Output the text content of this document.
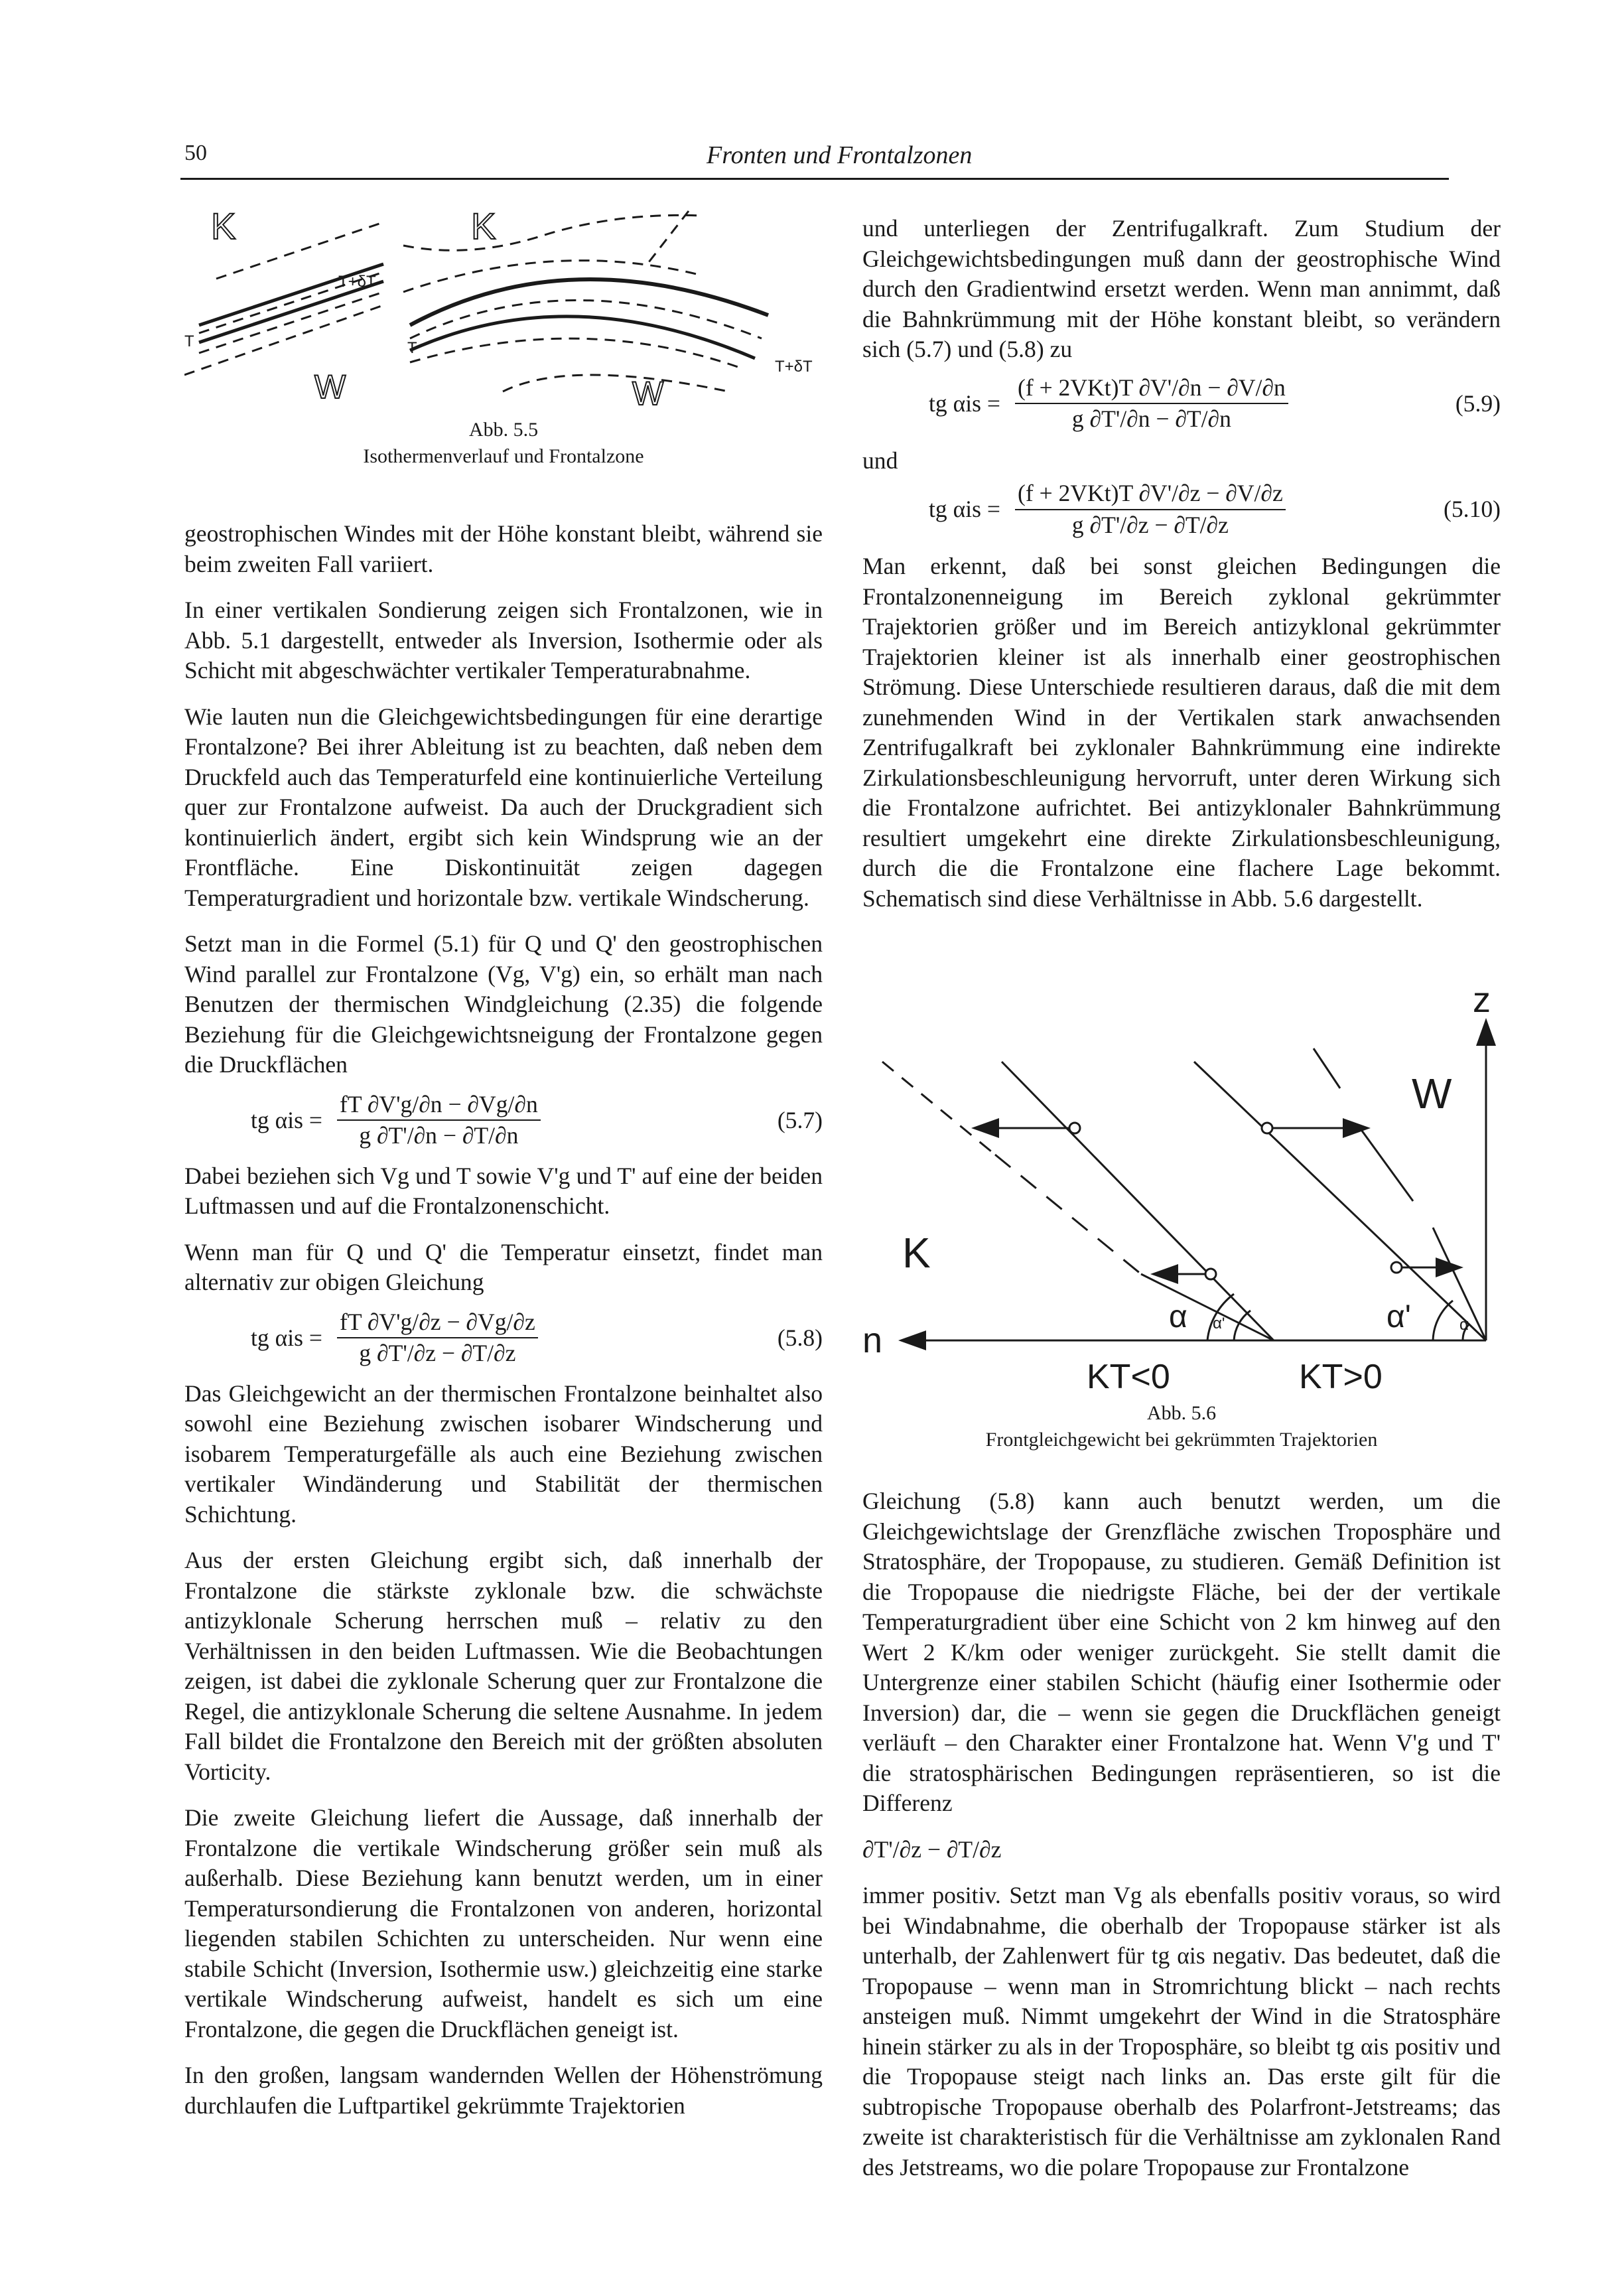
50	Fronten und Frontalzonen
K	K
W	W
T
T+δT
T
T+δT
Abb. 5.5
Isothermenverlauf und Frontalzone

geostrophischen Windes mit der Höhe konstant bleibt, während sie beim zweiten Fall variiert.

In einer vertikalen Sondierung zeigen sich Frontalzonen, wie in Abb. 5.1 dargestellt, entweder als Inversion, Isothermie oder als Schicht mit abgeschwächter vertikaler Temperaturabnahme.

Wie lauten nun die Gleichgewichtsbedingungen für eine derartige Frontalzone? Bei ihrer Ableitung ist zu beachten, daß neben dem Druckfeld auch das Temperaturfeld eine kontinuierliche Verteilung quer zur Frontalzone aufweist. Da auch der Druckgradient sich kontinuierlich ändert, ergibt sich kein Windsprung wie an der Frontfläche. Eine Diskontinuität zeigen dagegen Temperaturgradient und horizontale bzw. vertikale Windscherung.

Setzt man in die Formel (5.1) für Q und Q' den geostrophischen Wind parallel zur Frontalzone (Vg, V'g) ein, so erhält man nach Benutzen der thermischen Windgleichung (2.35) die folgende Beziehung für die Gleichgewichtsneigung der Frontalzone gegen die Druckflächen

tg $\alpha is = \frac{fT \partial V'g/\partial n - \partial Vg/\partial n}{g \partial T'/\partial n - \partial T/\partial n}$	(5.7)

Dabei beziehen sich Vg und T sowie V'g und T' auf eine der beiden Luftmassen und auf die Frontalzonenschicht.

Wenn man für Q und Q' die Temperatur einsetzt, findet man alternativ zur obigen Gleichung

tg $\alpha is = \frac{fT \partial V'g/\partial z - \partial Vg/\partial z}{g \partial T'/\partial z - \partial T/\partial z}$	(5.8)

Das Gleichgewicht an der thermischen Frontalzone beinhaltet also sowohl eine Beziehung zwischen isobarer Windscherung und isobarem Temperaturgefälle als auch eine Beziehung zwischen vertikaler Windänderung und Stabilität der thermischen Schichtung.

Aus der ersten Gleichung ergibt sich, daß innerhalb der Frontalzone die stärkste zyklonale bzw. die schwächste antizyklonale Scherung herrschen muß – relativ zu den Verhältnissen in den beiden Luftmassen. Wie die Beobachtungen zeigen, ist dabei die zyklonale Scherung quer zur Frontalzone die Regel, die antizyklonale Scherung die seltene Ausnahme. In jedem Fall bildet die Frontalzone den Bereich mit der größten absoluten Vorticity.

Die zweite Gleichung liefert die Aussage, daß innerhalb der Frontalzone die vertikale Windscherung größer sein muß als außerhalb. Diese Beziehung kann benutzt werden, um in einer Temperatursondierung die Frontalzonen von anderen, horizontal liegenden stabilen Schichten zu unterscheiden. Nur wenn eine stabile Schicht (Inversion, Isothermie usw.) gleichzeitig eine starke vertikale Windscherung aufweist, handelt es sich um eine Frontalzone, die gegen die Druckflächen geneigt ist.

In den großen, langsam wandernden Wellen der Höhenströmung durchlaufen die Luftpartikel gekrümmte Trajektorien

und unterliegen der Zentrifugalkraft. Zum Studium der Gleichgewichtsbedingungen muß dann der geostrophische Wind durch den Gradientwind ersetzt werden. Wenn man annimmt, daß die Bahnkrümmung mit der Höhe konstant bleibt, so verändern sich (5.7) und (5.8) zu

tg αis =
(f + 2VKt)T ∂V'/∂n − ∂V/∂n
g ∂T'/∂n − ∂T/∂n
(5.9)

und

tg αis =
(f + 2VKt)T ∂V'/∂z − ∂V/∂z
g ∂T'/∂z − ∂T/∂z
(5.10)

Man erkennt, daß bei sonst gleichen Bedingungen die Frontalzonenneigung im Bereich zyklonal gekrümmter Trajektorien größer und im Bereich antizyklonal gekrümmter Trajektorien kleiner ist als innerhalb einer geostrophischen Strömung. Diese Unterschiede resultieren daraus, daß die mit dem zunehmenden Wind in der Vertikalen stark anwachsenden Zentrifugalkraft bei zyklonaler Bahnkrümmung eine indirekte Zirkulationsbeschleunigung hervorruft, unter deren Wirkung sich die Frontalzone aufrichtet. Bei antizyklonaler Bahnkrümmung resultiert umgekehrt eine direkte Zirkulationsbeschleunigung, durch die die Frontalzone eine flachere Lage bekommt. Schematisch sind diese Verhältnisse in Abb. 5.6 dargestellt.

z
n
K
W
α α'	α'	α
KT<0	KT>0
Abb. 5.6
Frontgleichgewicht bei gekrümmten Trajektorien

Gleichung (5.8) kann auch benutzt werden, um die Gleichgewichtslage der Grenzfläche zwischen Troposphäre und Stratosphäre, der Tropopause, zu studieren. Gemäß Definition ist die Tropopause die niedrigste Fläche, bei der der vertikale Temperaturgradient über eine Schicht von 2 km hinweg auf den Wert 2 K/km oder weniger zurückgeht. Sie stellt damit die Untergrenze einer stabilen Schicht (häufig einer Isothermie oder Inversion) dar, die – wenn sie gegen die Druckflächen geneigt verläuft – den Charakter einer Frontalzone hat. Wenn V'g und T' die stratosphärischen Bedingungen repräsentieren, so ist die Differenz

∂T'/∂z − ∂T/∂z

immer positiv. Setzt man Vg als ebenfalls positiv voraus, so wird bei Windabnahme, die oberhalb der Tropopause stärker ist als unterhalb, der Zahlenwert für tg αis negativ. Das bedeutet, daß die Tropopause – wenn man in Stromrichtung blickt – nach rechts ansteigen muß. Nimmt umgekehrt der Wind in die Stratosphäre hinein stärker zu als in der Troposphäre, so bleibt tg αis positiv und die Tropopause steigt nach links an. Das erste gilt für die subtropische Tropopause oberhalb des Polarfront-Jetstreams; das zweite ist charakteristisch für die Verhältnisse am zyklonalen Rand des Jetstreams, wo die polare Tropopause zur Frontalzone
